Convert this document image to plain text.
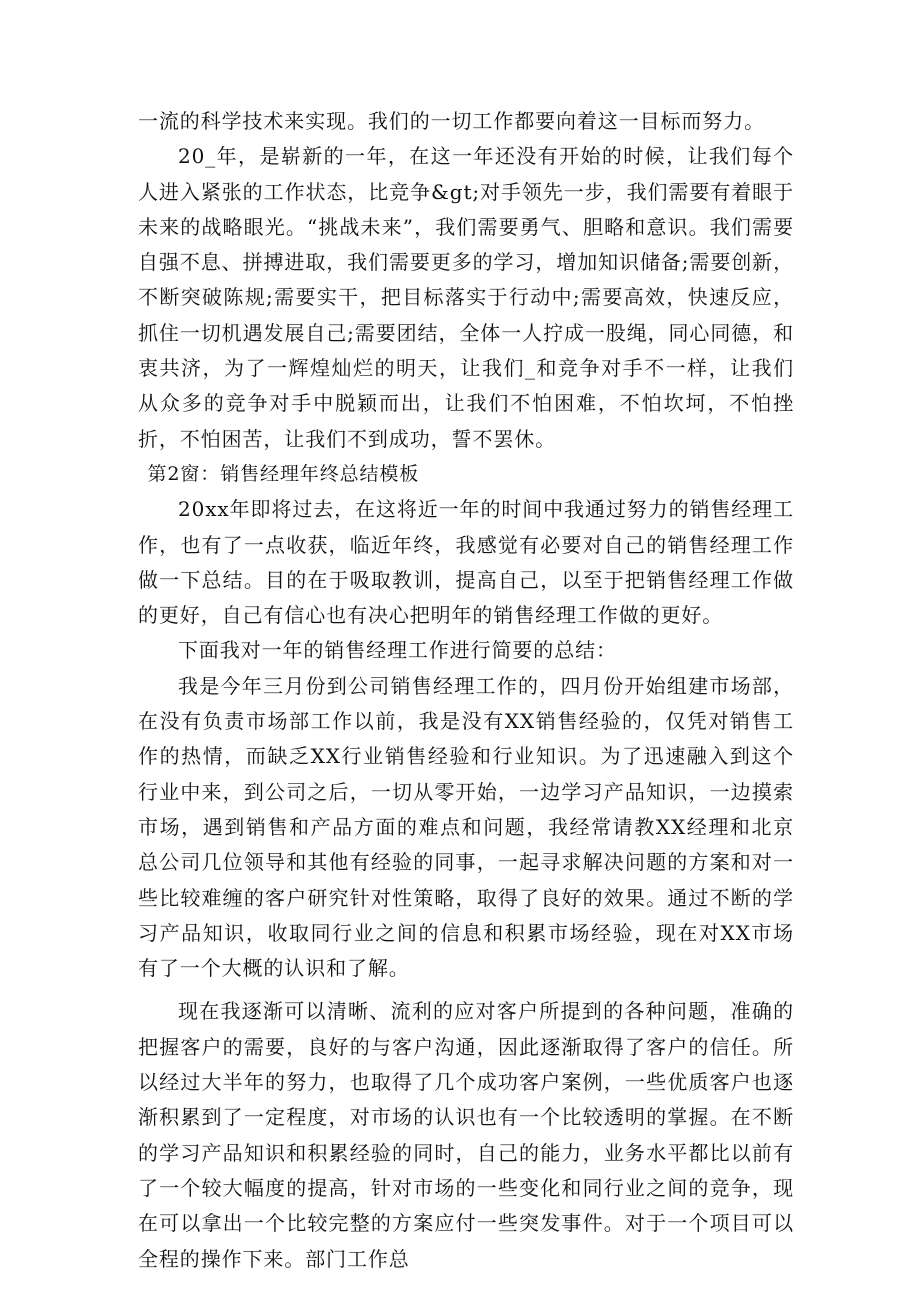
一流的科学技术来实现。我们的一切工作都要向着这一目标而努力。

20_年，是崭新的一年，在这一年还没有开始的时候，让我们每个人进入紧张的工作状态，比竞争&gt;对手领先一步，我们需要有着眼于未来的战略眼光。“挑战未来”，我们需要勇气、胆略和意识。我们需要自强不息、拼搏进取，我们需要更多的学习，增加知识储备;需要创新，不断突破陈规;需要实干，把目标落实于行动中;需要高效，快速反应，抓住一切机遇发展自己;需要团结，全体一人拧成一股绳，同心同德，和衷共济，为了一辉煌灿烂的明天，让我们_和竞争对手不一样，让我们从众多的竞争对手中脱颖而出，让我们不怕困难，不怕坎坷，不怕挫折，不怕困苦，让我们不到成功，誓不罢休。

第2窗：销售经理年终总结模板

20xx年即将过去，在这将近一年的时间中我通过努力的销售经理工作，也有了一点收获，临近年终，我感觉有必要对自己的销售经理工作做一下总结。目的在于吸取教训，提高自己，以至于把销售经理工作做的更好，自己有信心也有决心把明年的销售经理工作做的更好。

下面我对一年的销售经理工作进行简要的总结：

我是今年三月份到公司销售经理工作的，四月份开始组建市场部，在没有负责市场部工作以前，我是没有XX销售经验的，仅凭对销售工作的热情，而缺乏XX行业销售经验和行业知识。为了迅速融入到这个行业中来，到公司之后，一切从零开始，一边学习产品知识，一边摸索市场，遇到销售和产品方面的难点和问题，我经常请教XX经理和北京总公司几位领导和其他有经验的同事，一起寻求解决问题的方案和对一些比较难缠的客户研究针对性策略，取得了良好的效果。通过不断的学习产品知识，收取同行业之间的信息和积累市场经验，现在对XX市场有了一个大概的认识和了解。

现在我逐渐可以清晰、流利的应对客户所提到的各种问题，准确的把握客户的需要，良好的与客户沟通，因此逐渐取得了客户的信任。所以经过大半年的努力，也取得了几个成功客户案例，一些优质客户也逐渐积累到了一定程度，对市场的认识也有一个比较透明的掌握。在不断的学习产品知识和积累经验的同时，自己的能力，业务水平都比以前有了一个较大幅度的提高，针对市场的一些变化和同行业之间的竞争，现在可以拿出一个比较完整的方案应付一些突发事件。对于一个项目可以全程的操作下来。部门工作总
